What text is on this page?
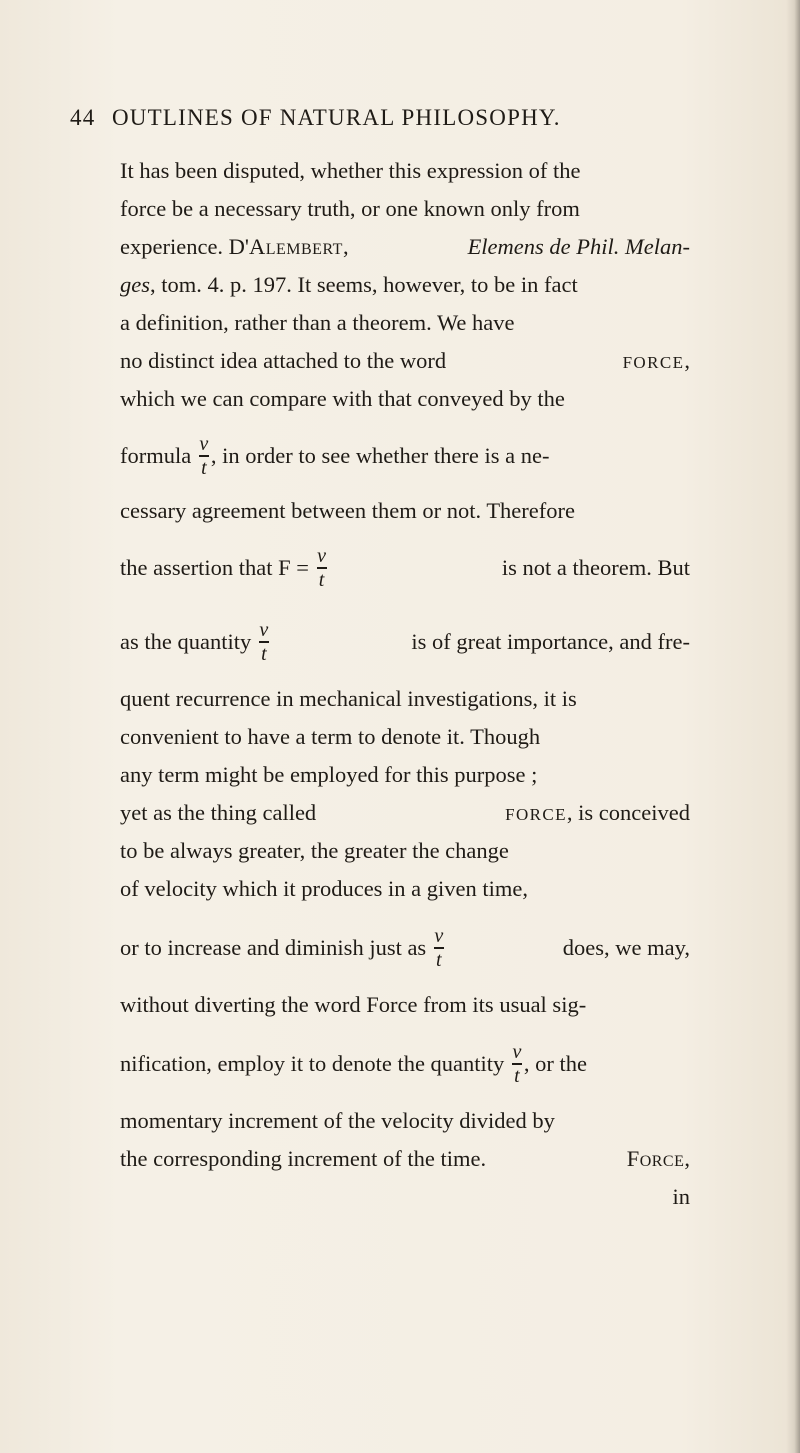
44 OUTLINES OF NATURAL PHILOSOPHY.
It has been disputed, whether this expression of the
force be a necessary truth, or one known only from
experience. D'Alembert,	Elemens de Phil. Melan-
ges, tom. 4. p. 197. It seems, however, to be in fact
a definition, rather than a theorem. We have
no distinct idea attached to the word	FORCE,
which we can compare with that conveyed by the
formula
$\frac{v}{t}$ , in order to see whether there is a ne-
cessary agreement between them or not. Therefore
the assertion that F =
$\frac{v}{t}$	is not a theorem. But
as the quantity
$\frac{v}{t}$	is of great importance, and fre-
quent recurrence in mechanical investigations, it is
convenient to have a term to denote it. Though
any term might be employed for this purpose ;
yet as the thing called	FORCE, is conceived
to be always greater, the greater the change
of velocity which it produces in a given time,
or to increase and diminish just as
$\frac{v}{t}$	does, we may,
without diverting the word Force from its usual sig-
nification, employ it to denote the quantity
$\frac{v}{t}$ , or the
momentary increment of the velocity divided by
the corresponding increment of the time.	Force,
in
